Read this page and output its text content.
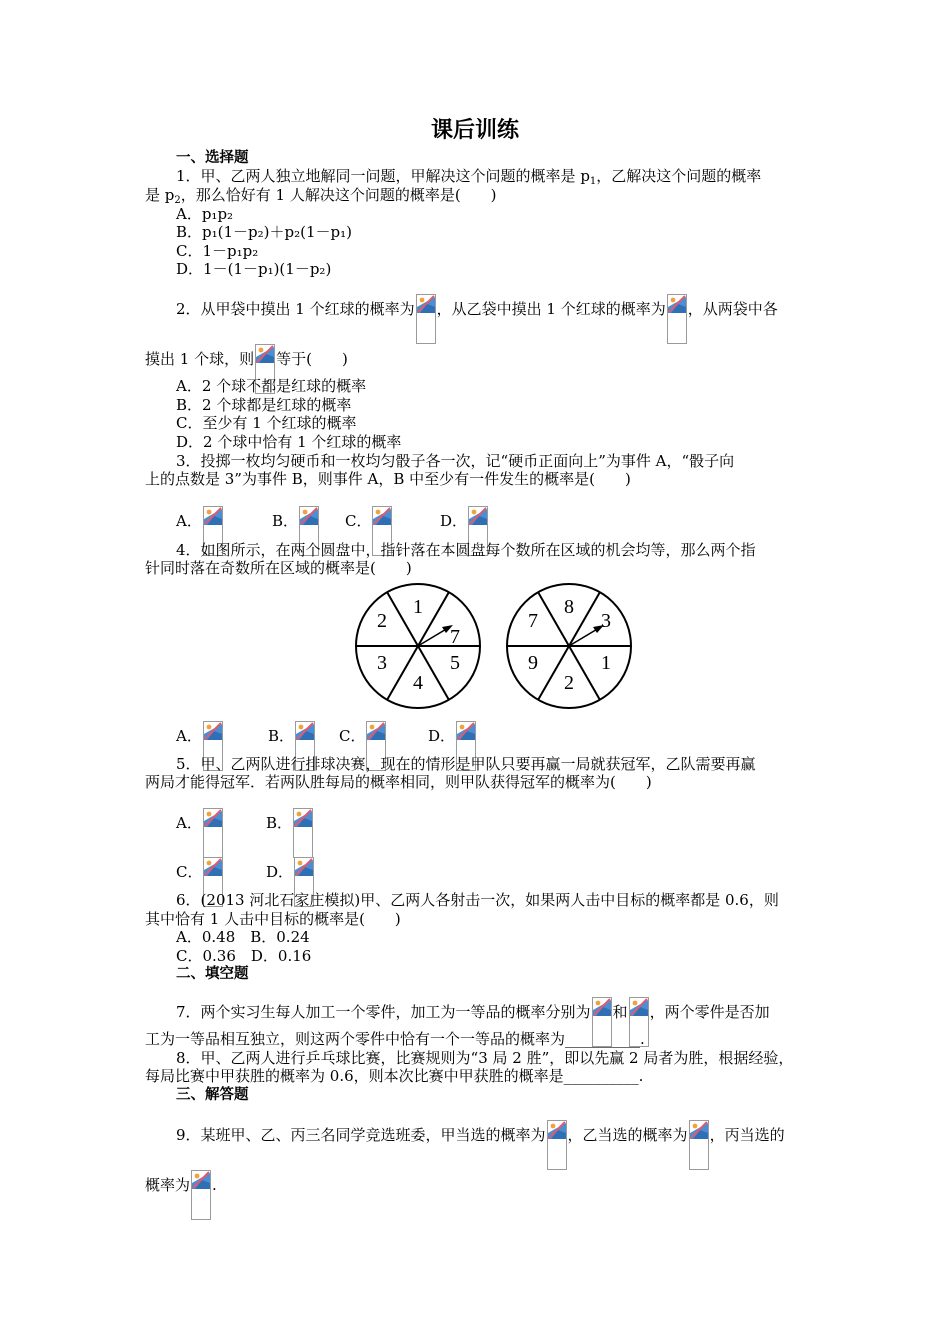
课后训练
一、选择题
1．甲、乙两人独立地解同一问题，甲解决这个问题的概率是 $p_1$，乙解决这个问题的概率
是 $p_2$，那么恰好有 1 人解决这个问题的概率是(　　)
A．p₁p₂
B．p₁(1－p₂)＋p₂(1－p₁)
C．1－p₁p₂
D．1－(1－p₁)(1－p₂)
2．从甲袋中摸出 1 个红球的概率为 ，从乙袋中摸出 1 个红球的概率为 ，从两袋中各
摸出 1 个球，则 等于(　　)
A．2 个球不都是红球的概率
B．2 个球都是红球的概率
C．至少有 1 个红球的概率
D．2 个球中恰有 1 个红球的概率
3．投掷一枚均匀硬币和一枚均匀骰子各一次，记“硬币正面向上”为事件 A，“骰子向
上的点数是 3”为事件 B，则事件 A，B 中至少有一件发生的概率是(　　)
A．	B．	C．	D．
4．如图所示，在两个圆盘中，指针落在本圆盘每个数所在区域的机会均等，那么两个指
针同时落在奇数所在区域的概率是(　　)
1
7
5
4
3
2
8
3
1
2
9
7
A．	B．	C．	D．
5．甲、乙两队进行排球决赛，现在的情形是甲队只要再赢一局就获冠军，乙队需要再赢
两局才能得冠军．若两队胜每局的概率相同，则甲队获得冠军的概率为(　　)
A．	B．
C．	D．
6．(2013 河北石家庄模拟)甲、乙两人各射击一次，如果两人击中目标的概率都是 0.6，则
其中恰有 1 人击中目标的概率是(　　)
A．0.48　B．0.24
C．0.36　D．0.16
二、填空题
7．两个实习生每人加工一个零件，加工为一等品的概率分别为 和 ，两个零件是否加
工为一等品相互独立，则这两个零件中恰有一个一等品的概率为__________.
8．甲、乙两人进行乒乓球比赛，比赛规则为“3 局 2 胜”，即以先赢 2 局者为胜，根据经验，
每局比赛中甲获胜的概率为 0.6，则本次比赛中甲获胜的概率是__________.
三、解答题
9．某班甲、乙、丙三名同学竞选班委，甲当选的概率为 ，乙当选的概率为 ，丙当选的
概率为 .
